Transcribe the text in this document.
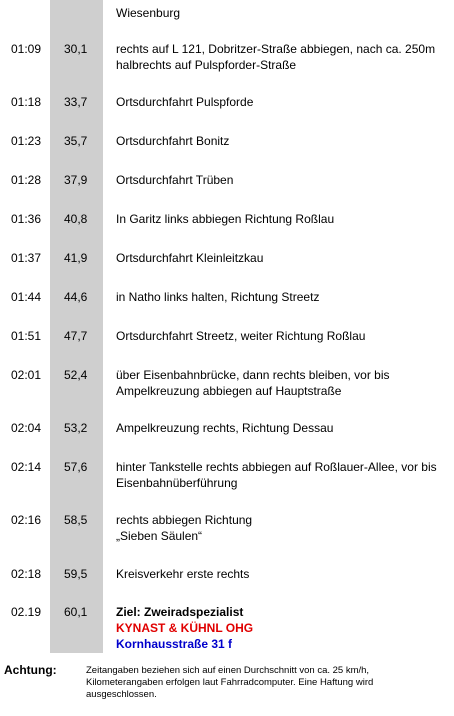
Wiesenburg
01:09 30,1 rechts auf L 121, Dobritzer-Straße abbiegen, nach ca. 250m
halbrechts auf Pulspforder-Straße
01:18 33,7 Ortsdurchfahrt Pulspforde
01:23 35,7 Ortsdurchfahrt Bonitz
01:28 37,9 Ortsdurchfahrt Trüben
01:36 40,8 In Garitz links abbiegen Richtung Roßlau
01:37 41,9 Ortsdurchfahrt Kleinleitzkau
01:44 44,6 in Natho links halten, Richtung Streetz
01:51 47,7 Ortsdurchfahrt Streetz, weiter Richtung Roßlau
02:01 52,4 über Eisenbahnbrücke, dann rechts bleiben, vor bis
Ampelkreuzung abbiegen auf Hauptstraße
02:04 53,2 Ampelkreuzung rechts, Richtung Dessau
02:14 57,6 hinter Tankstelle rechts abbiegen auf Roßlauer-Allee, vor bis
Eisenbahnüberführung
02:16 58,5 rechts abbiegen Richtung
„Sieben Säulen“
02:18 59,5 Kreisverkehr erste rechts
02.19 60,1 Ziel: Zweiradspezialist
KYNAST & KÜHNL OHG
Kornhausstraße 31 f
Achtung:	Zeitangaben beziehen sich auf einen Durchschnitt von ca. 25 km/h,
Kilometerangaben erfolgen laut Fahrradcomputer. Eine Haftung wird
ausgeschlossen.
